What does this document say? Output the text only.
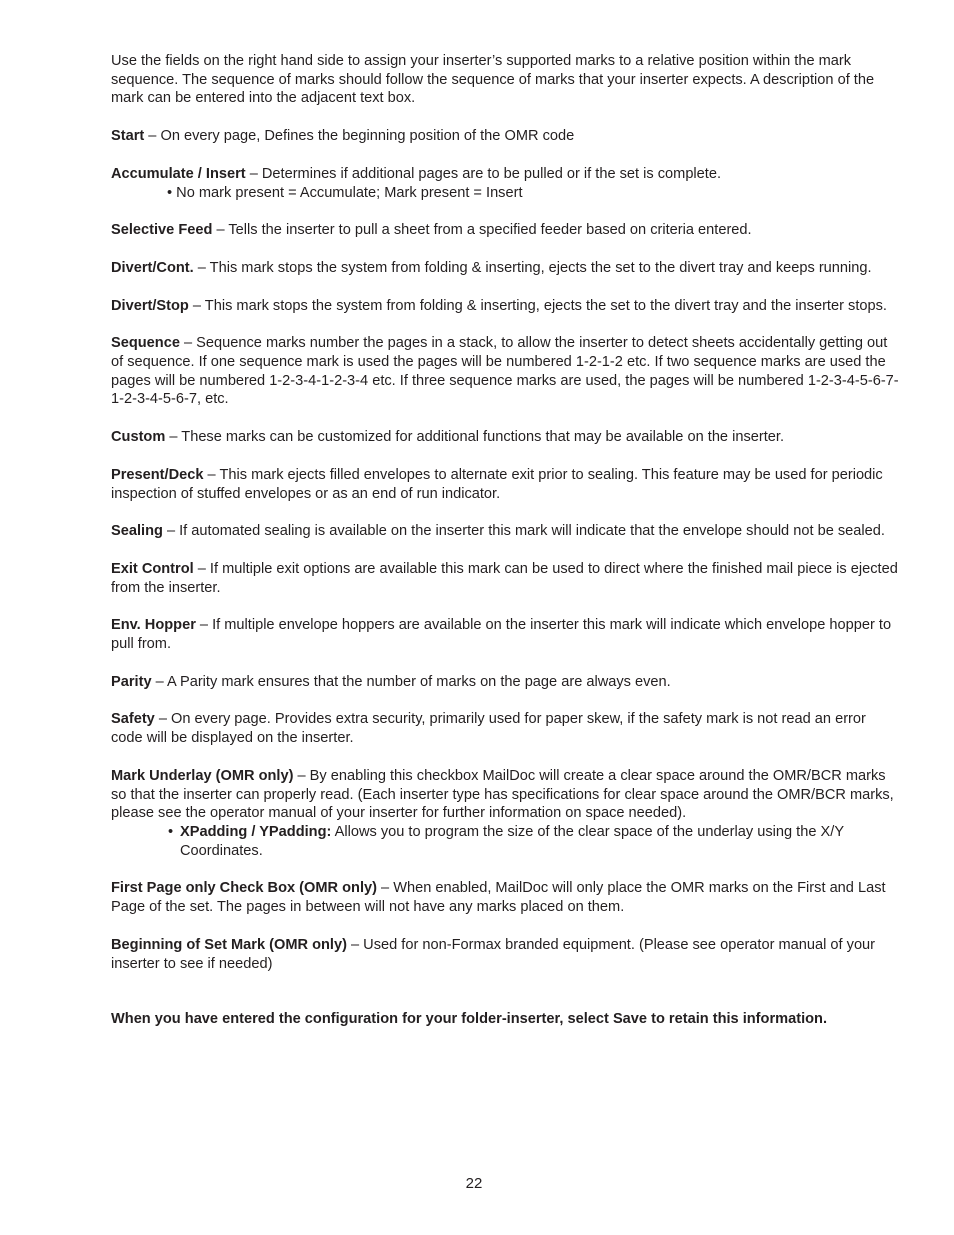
Use the fields on the right hand side to assign your inserter’s supported marks to a relative position within the mark sequence. The sequence of marks should follow the sequence of marks that your inserter expects. A description of the mark can be entered into the adjacent text box.

Start – On every page, Defines the beginning position of the OMR code

Accumulate / Insert – Determines if additional pages are to be pulled or if the set is complete.

• No mark present = Accumulate; Mark present = Insert

Selective Feed – Tells the inserter to pull a sheet from a specified feeder based on criteria entered.

Divert/Cont. – This mark stops the system from folding & inserting, ejects the set to the divert tray and keeps running.

Divert/Stop – This mark stops the system from folding & inserting, ejects the set to the divert tray and the inserter stops.

Sequence – Sequence marks number the pages in a stack, to allow the inserter to detect sheets accidentally getting out of sequence. If one sequence mark is used the pages will be numbered 1-2-1-2 etc. If two sequence marks are used the pages will be numbered 1-2-3-4-1-2-3-4 etc. If three sequence marks are used, the pages will be numbered 1-2-3-4-5-6-7-1-2-3-4-5-6-7, etc.

Custom – These marks can be customized for additional functions that may be available on the inserter.

Present/Deck – This mark ejects filled envelopes to alternate exit prior to sealing. This feature may be used for periodic inspection of stuffed envelopes or as an end of run indicator.

Sealing – If automated sealing is available on the inserter this mark will indicate that the envelope should not be sealed.

Exit Control – If multiple exit options are available this mark can be used to direct where the finished mail piece is ejected from the inserter.

Env. Hopper – If multiple envelope hoppers are available on the inserter this mark will indicate which envelope hopper to pull from.

Parity – A Parity mark ensures that the number of marks on the page are always even.

Safety – On every page. Provides extra security, primarily used for paper skew, if the safety mark is not read an error code will be displayed on the inserter.

Mark Underlay (OMR only) – By enabling this checkbox MailDoc will create a clear space around the OMR/BCR marks so that the inserter can properly read. (Each inserter type has specifications for clear space around the OMR/BCR marks, please see the operator manual of your inserter for further information on space needed).

• XPadding / YPadding: Allows you to program the size of the clear space of the underlay using the X/Y Coordinates.

First Page only Check Box (OMR only) – When enabled, MailDoc will only place the OMR marks on the First and Last Page of the set. The pages in between will not have any marks placed on them.

Beginning of Set Mark (OMR only) – Used for non-Formax branded equipment. (Please see operator manual of your inserter to see if needed)

When you have entered the configuration for your folder-inserter, select Save to retain this information.

22
